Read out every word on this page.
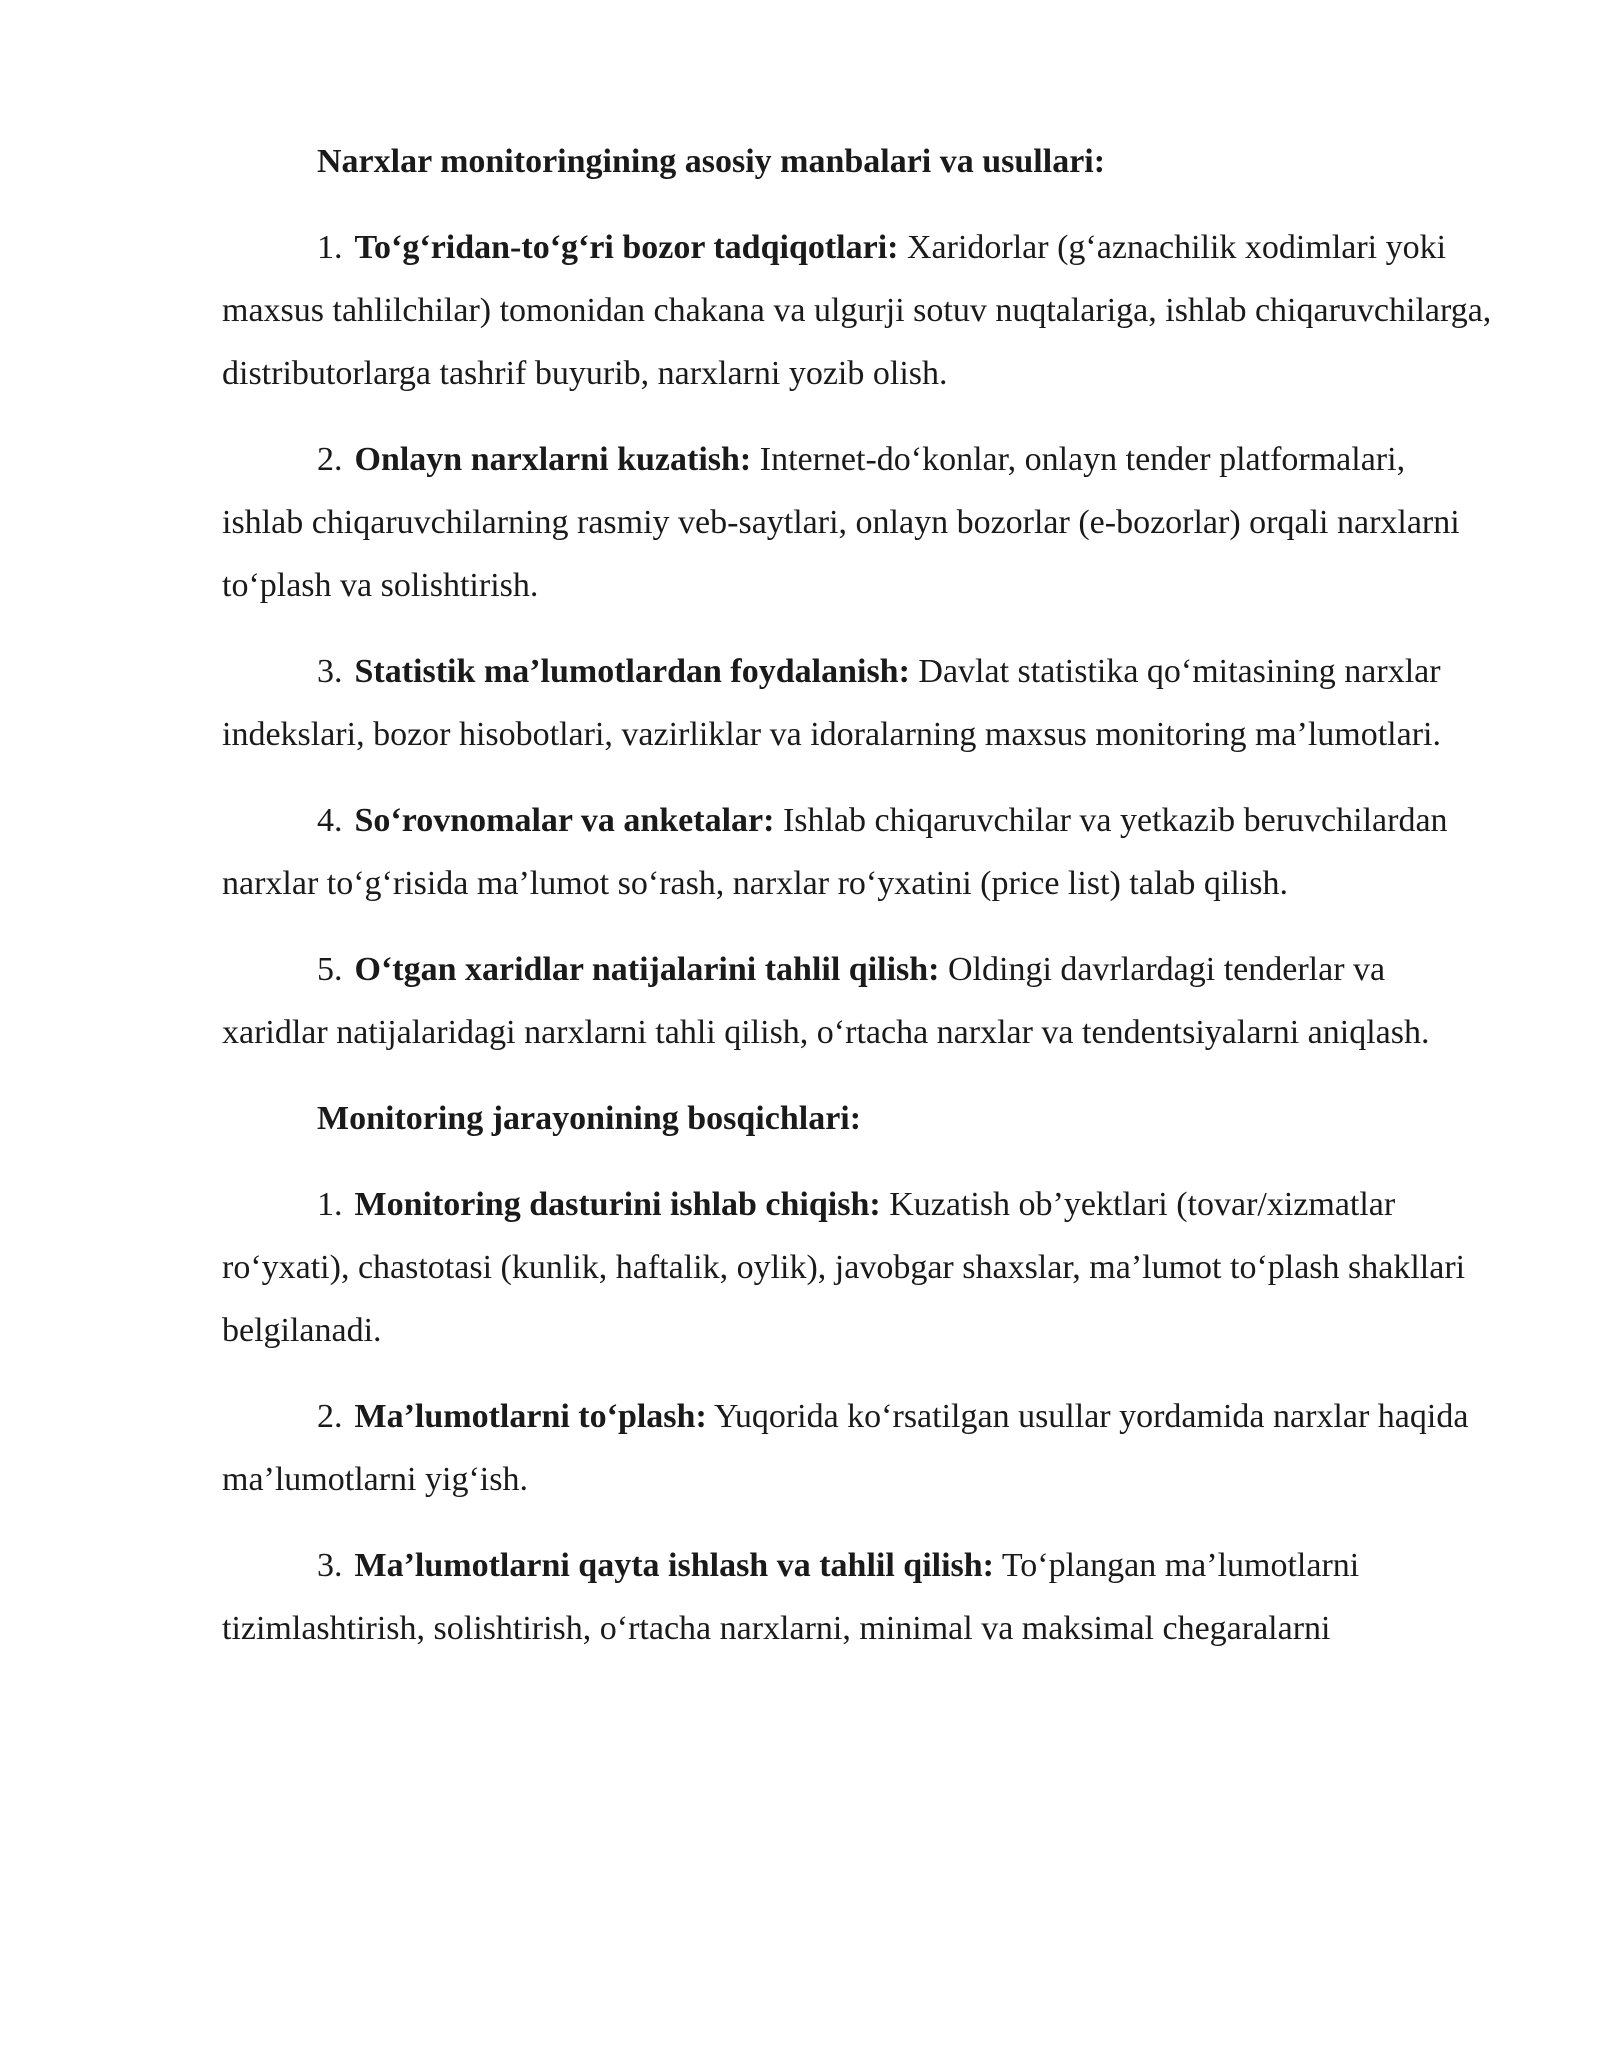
Narxlar monitoringining asosiy manbalari va usullari:

1. To‘g‘ridan-to‘g‘ri bozor tadqiqotlari: Xaridorlar (g‘aznachilik xodimlari yoki maxsus tahlilchilar) tomonidan chakana va ulgurji sotuv nuqtalariga, ishlab chiqaruvchilarga, distributorlarga tashrif buyurib, narxlarni yozib olish.

2. Onlayn narxlarni kuzatish: Internet-do‘konlar, onlayn tender platformalari, ishlab chiqaruvchilarning rasmiy veb-saytlari, onlayn bozorlar (e-bozorlar) orqali narxlarni to‘plash va solishtirish.

3. Statistik ma’lumotlardan foydalanish: Davlat statistika qo‘mitasining narxlar indekslari, bozor hisobotlari, vazirliklar va idoralarning maxsus monitoring ma’lumotlari.

4. So‘rovnomalar va anketalar: Ishlab chiqaruvchilar va yetkazib beruvchilardan narxlar to‘g‘risida ma’lumot so‘rash, narxlar ro‘yxatini (price list) talab qilish.

5. O‘tgan xaridlar natijalarini tahlil qilish: Oldingi davrlardagi tenderlar va xaridlar natijalaridagi narxlarni tahli qilish, o‘rtacha narxlar va tendentsiyalarni aniqlash.

Monitoring jarayonining bosqichlari:

1. Monitoring dasturini ishlab chiqish: Kuzatish ob’yektlari (tovar/xizmatlar ro‘yxati), chastotasi (kunlik, haftalik, oylik), javobgar shaxslar, ma’lumot to‘plash shakllari belgilanadi.

2. Ma’lumotlarni to‘plash: Yuqorida ko‘rsatilgan usullar yordamida narxlar haqida ma’lumotlarni yig‘ish.

3. Ma’lumotlarni qayta ishlash va tahlil qilish: To‘plangan ma’lumotlarni tizimlashtirish, solishtirish, o‘rtacha narxlarni, minimal va maksimal chegaralarni
